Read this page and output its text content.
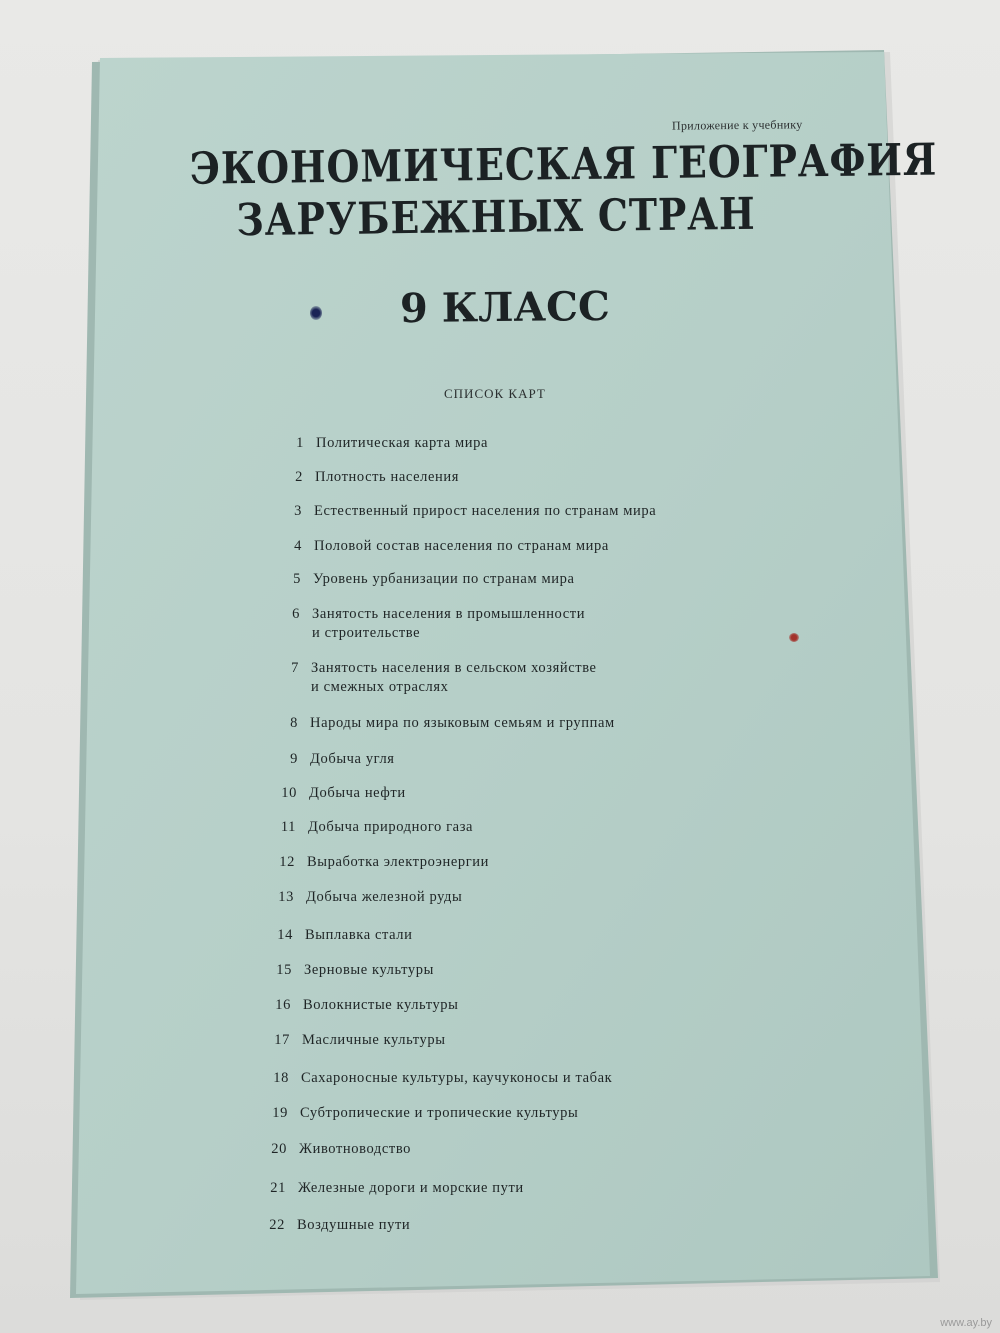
Приложение к учебнику
ЭКОНОМИЧЕСКАЯ ГЕОГРАФИЯ
ЗАРУБЕЖНЫХ СТРАН
9 КЛАСС
СПИСОК КАРТ
1 Политическая карта мира
2 Плотность населения
3 Естественный прирост населения по странам мира
4 Половой состав населения по странам мира
5 Уровень урбанизации по странам мира
6 Занятость населения в промышленности
и строительстве
7 Занятость населения в сельском хозяйстве
и смежных отраслях
8 Народы мира по языковым семьям и группам
9 Добыча угля
10 Добыча нефти
11 Добыча природного газа
12 Выработка электроэнергии
13 Добыча железной руды
14 Выплавка стали
15 Зерновые культуры
16 Волокнистые культуры
17 Масличные культуры
18 Сахароносные культуры, каучуконосы и табак
19 Субтропические и тропические культуры
20 Животноводство
21 Железные дороги и морские пути
22 Воздушные пути
www.ay.by
